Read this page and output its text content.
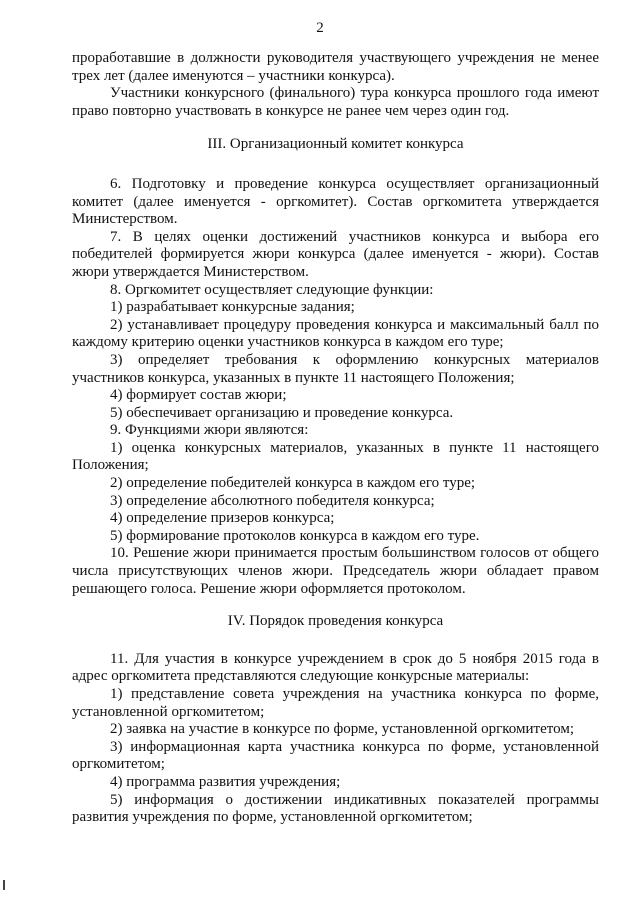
2

проработавшие в должности руководителя участвующего учреждения не менее трех лет (далее именуются – участники конкурса).

Участники конкурсного (финального) тура конкурса прошлого года имеют право повторно участвовать в конкурсе не ранее чем через один год.

III. Организационный комитет конкурса

6. Подготовку и проведение конкурса осуществляет организационный комитет (далее именуется - оргкомитет). Состав оргкомитета утверждается Министерством.

7. В целях оценки достижений участников конкурса и выбора его победителей формируется жюри конкурса (далее именуется - жюри). Состав жюри утверждается Министерством.

8. Оргкомитет осуществляет следующие функции:

1) разрабатывает конкурсные задания;

2) устанавливает процедуру проведения конкурса и максимальный балл по каждому критерию оценки участников конкурса в каждом его туре;

3) определяет требования к оформлению конкурсных материалов участников конкурса, указанных в пункте 11 настоящего Положения;

4) формирует состав жюри;

5) обеспечивает организацию и проведение конкурса.

9. Функциями жюри являются:

1) оценка конкурсных материалов, указанных в пункте 11 настоящего Положения;

2) определение победителей конкурса в каждом его туре;

3) определение абсолютного победителя конкурса;

4) определение призеров конкурса;

5) формирование протоколов конкурса в каждом его туре.

10. Решение жюри принимается простым большинством голосов от общего числа присутствующих членов жюри. Председатель жюри обладает правом решающего голоса. Решение жюри оформляется протоколом.

IV. Порядок проведения конкурса

11. Для участия в конкурсе учреждением в срок до 5 ноября 2015 года в адрес оргкомитета представляются следующие конкурсные материалы:

1) представление совета учреждения на участника конкурса по форме, установленной оргкомитетом;

2) заявка на участие в конкурсе по форме, установленной оргкомитетом;

3) информационная карта участника конкурса по форме, установленной оргкомитетом;

4) программа развития учреждения;

5) информация о достижении индикативных показателей программы развития учреждения по форме, установленной оргкомитетом;
